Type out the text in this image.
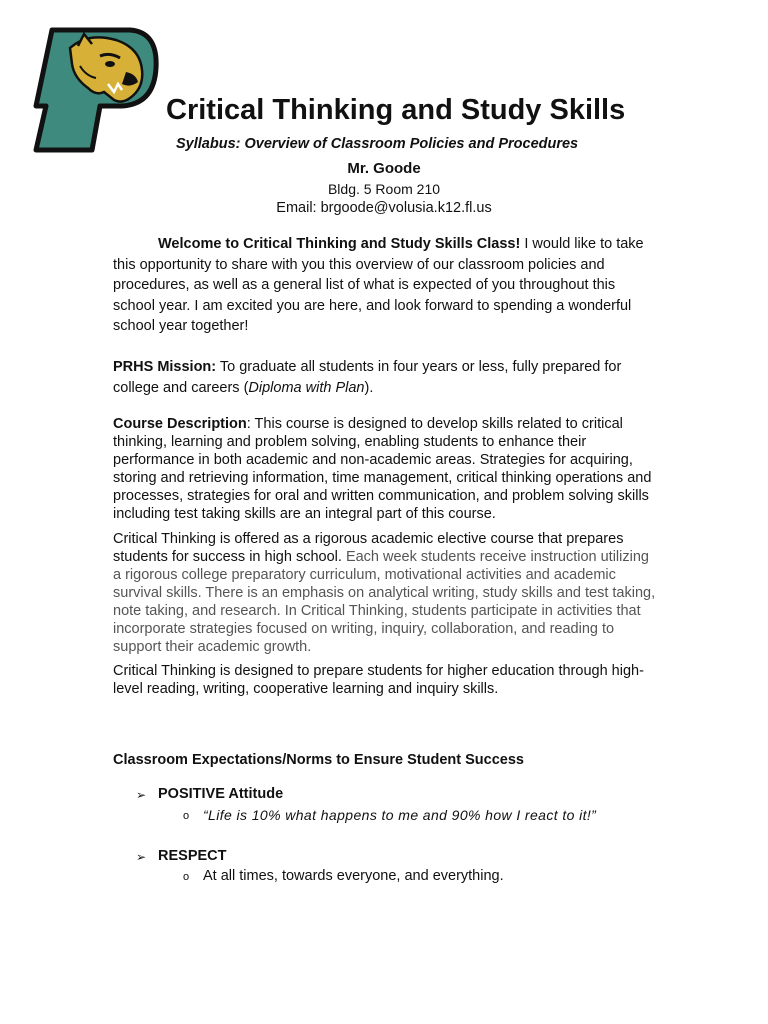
Critical Thinking and Study Skills
Syllabus: Overview of Classroom Policies and Procedures
Mr. Goode
Bldg. 5 Room 210
Email: brgoode@volusia.k12.fl.us
Welcome to Critical Thinking and Study Skills Class! I would like to take this opportunity to share with you this overview of our classroom policies and procedures, as well as a general list of what is expected of you throughout this school year. I am excited you are here, and look forward to spending a wonderful school year together!
PRHS Mission: To graduate all students in four years or less, fully prepared for college and careers (Diploma with Plan).
Course Description: This course is designed to develop skills related to critical thinking, learning and problem solving, enabling students to enhance their performance in both academic and non-academic areas. Strategies for acquiring, storing and retrieving information, time management, critical thinking operations and processes, strategies for oral and written communication, and problem solving skills including test taking skills are an integral part of this course.
Critical Thinking is offered as a rigorous academic elective course that prepares students for success in high school. Each week students receive instruction utilizing a rigorous college preparatory curriculum, motivational activities and academic survival skills. There is an emphasis on analytical writing, study skills and test taking, note taking, and research. In Critical Thinking, students participate in activities that incorporate strategies focused on writing, inquiry, collaboration, and reading to support their academic growth.
Critical Thinking is designed to prepare students for higher education through high-level reading, writing, cooperative learning and inquiry skills.
Classroom Expectations/Norms to Ensure Student Success
➢ POSITIVE Attitude
o “Life is 10% what happens to me and 90% how I react to it!”
➢ RESPECT
o At all times, towards everyone, and everything.
